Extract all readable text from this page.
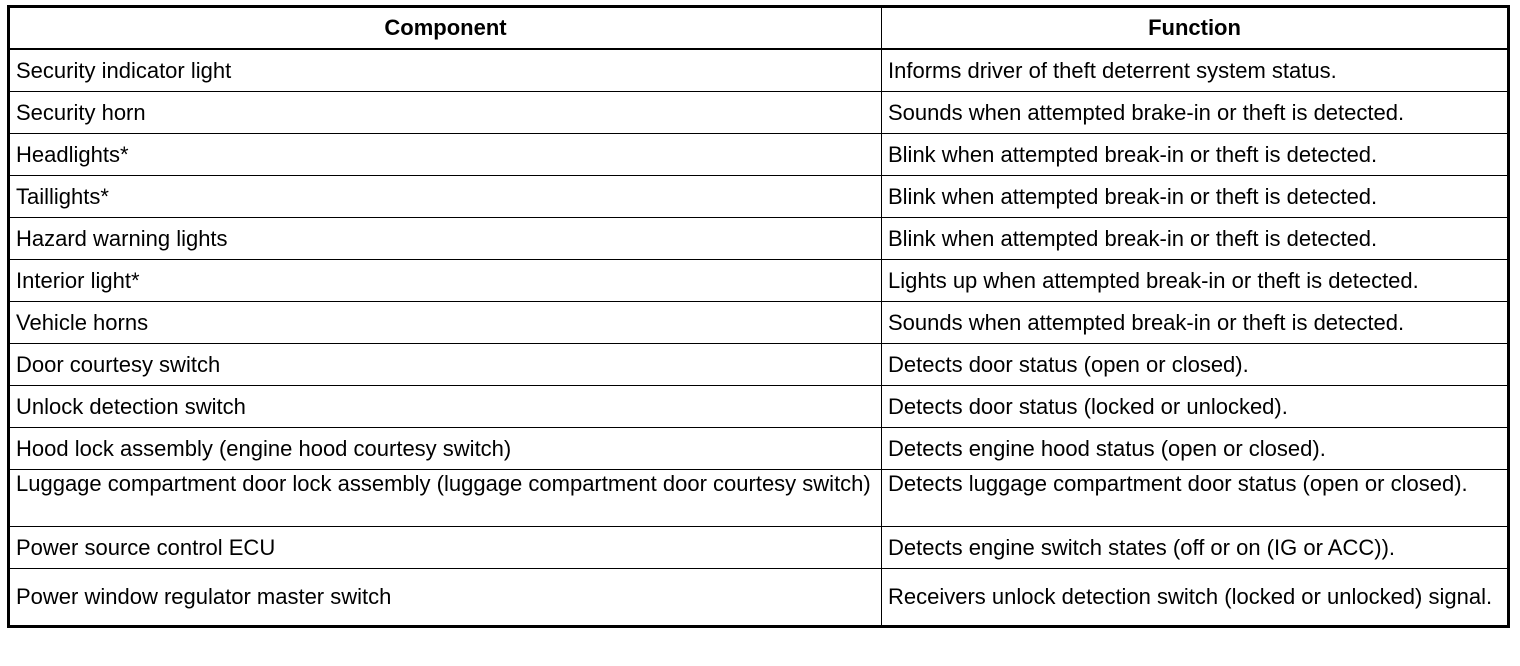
Component	Function
Security indicator light	Informs driver of theft deterrent system status.
Security horn	Sounds when attempted brake-in or theft is detected.
Headlights*	Blink when attempted break-in or theft is detected.
Taillights*	Blink when attempted break-in or theft is detected.
Hazard warning lights	Blink when attempted break-in or theft is detected.
Interior light*	Lights up when attempted break-in or theft is detected.
Vehicle horns	Sounds when attempted break-in or theft is detected.
Door courtesy switch	Detects door status (open or closed).
Unlock detection switch	Detects door status (locked or unlocked).
Hood lock assembly (engine hood courtesy switch)	Detects engine hood status (open or closed).
Luggage compartment door lock assembly (luggage compartment door courtesy switch)	Detects luggage compartment door status (open or closed).
Power source control ECU	Detects engine switch states (off or on (IG or ACC)).
Power window regulator master switch	Receivers unlock detection switch (locked or unlocked) signal.
